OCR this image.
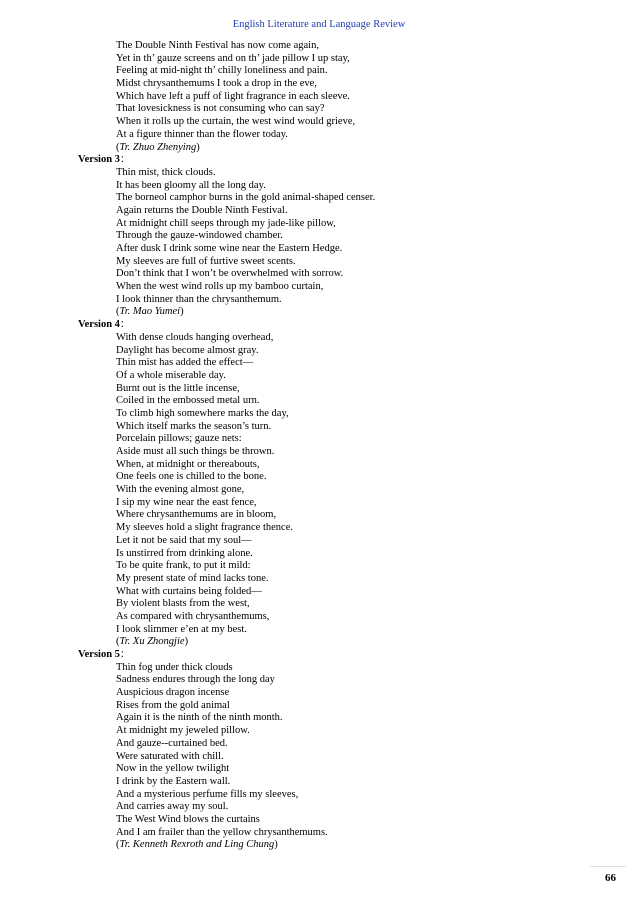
English Literature and Language Review
The Double Ninth Festival has now come again,
Yet in th’ gauze screens and on th’ jade pillow I up stay,
Feeling at mid-night th’ chilly loneliness and pain.
Midst chrysanthemums I took a drop in the eve,
Which have left a puff of light fragrance in each sleeve.
That lovesickness is not consuming who can say?
When it rolls up the curtain, the west wind would grieve,
At a figure thinner than the flower today.
(Tr. Zhuo Zhenying)
Version 3：
Thin mist, thick clouds.
It has been gloomy all the long day.
The borneol camphor burns in the gold animal-shaped censer.
Again returns the Double Ninth Festival.
At midnight chill seeps through my jade-like pillow,
Through the gauze-windowed chamber.
After dusk I drink some wine near the Eastern Hedge.
My sleeves are full of furtive sweet scents.
Don’t think that I won’t be overwhelmed with sorrow.
When the west wind rolls up my bamboo curtain,
I look thinner than the chrysanthemum.
(Tr. Mao Yumei)
Version 4：
With dense clouds hanging overhead,
Daylight has become almost gray.
Thin mist has added the effect—
Of a whole miserable day.
Burnt out is the little incense,
Coiled in the embossed metal urn.
To climb high somewhere marks the day,
Which itself marks the season’s turn.
Porcelain pillows; gauze nets:
Aside must all such things be thrown.
When, at midnight or thereabouts,
One feels one is chilled to the bone.
With the evening almost gone,
I sip my wine near the east fence,
Where chrysanthemums are in bloom,
My sleeves hold a slight fragrance thence.
Let it not be said that my soul—
Is unstirred from drinking alone.
To be quite frank, to put it mild:
My present state of mind lacks tone.
What with curtains being folded—
By violent blasts from the west,
As compared with chrysanthemums,
I look slimmer e’en at my best.
(Tr. Xu Zhongjie)
Version 5：
Thin fog under thick clouds
Sadness endures through the long day
Auspicious dragon incense
Rises from the gold animal
Again it is the ninth of the ninth month.
At midnight my jeweled pillow.
And gauze--curtained bed.
Were saturated with chill.
Now in the yellow twilight
I drink by the Eastern wall.
And a mysterious perfume fills my sleeves,
And carries away my soul.
The West Wind blows the curtains
And I am frailer than the yellow chrysanthemums.
(Tr. Kenneth Rexroth and Ling Chung)
66
